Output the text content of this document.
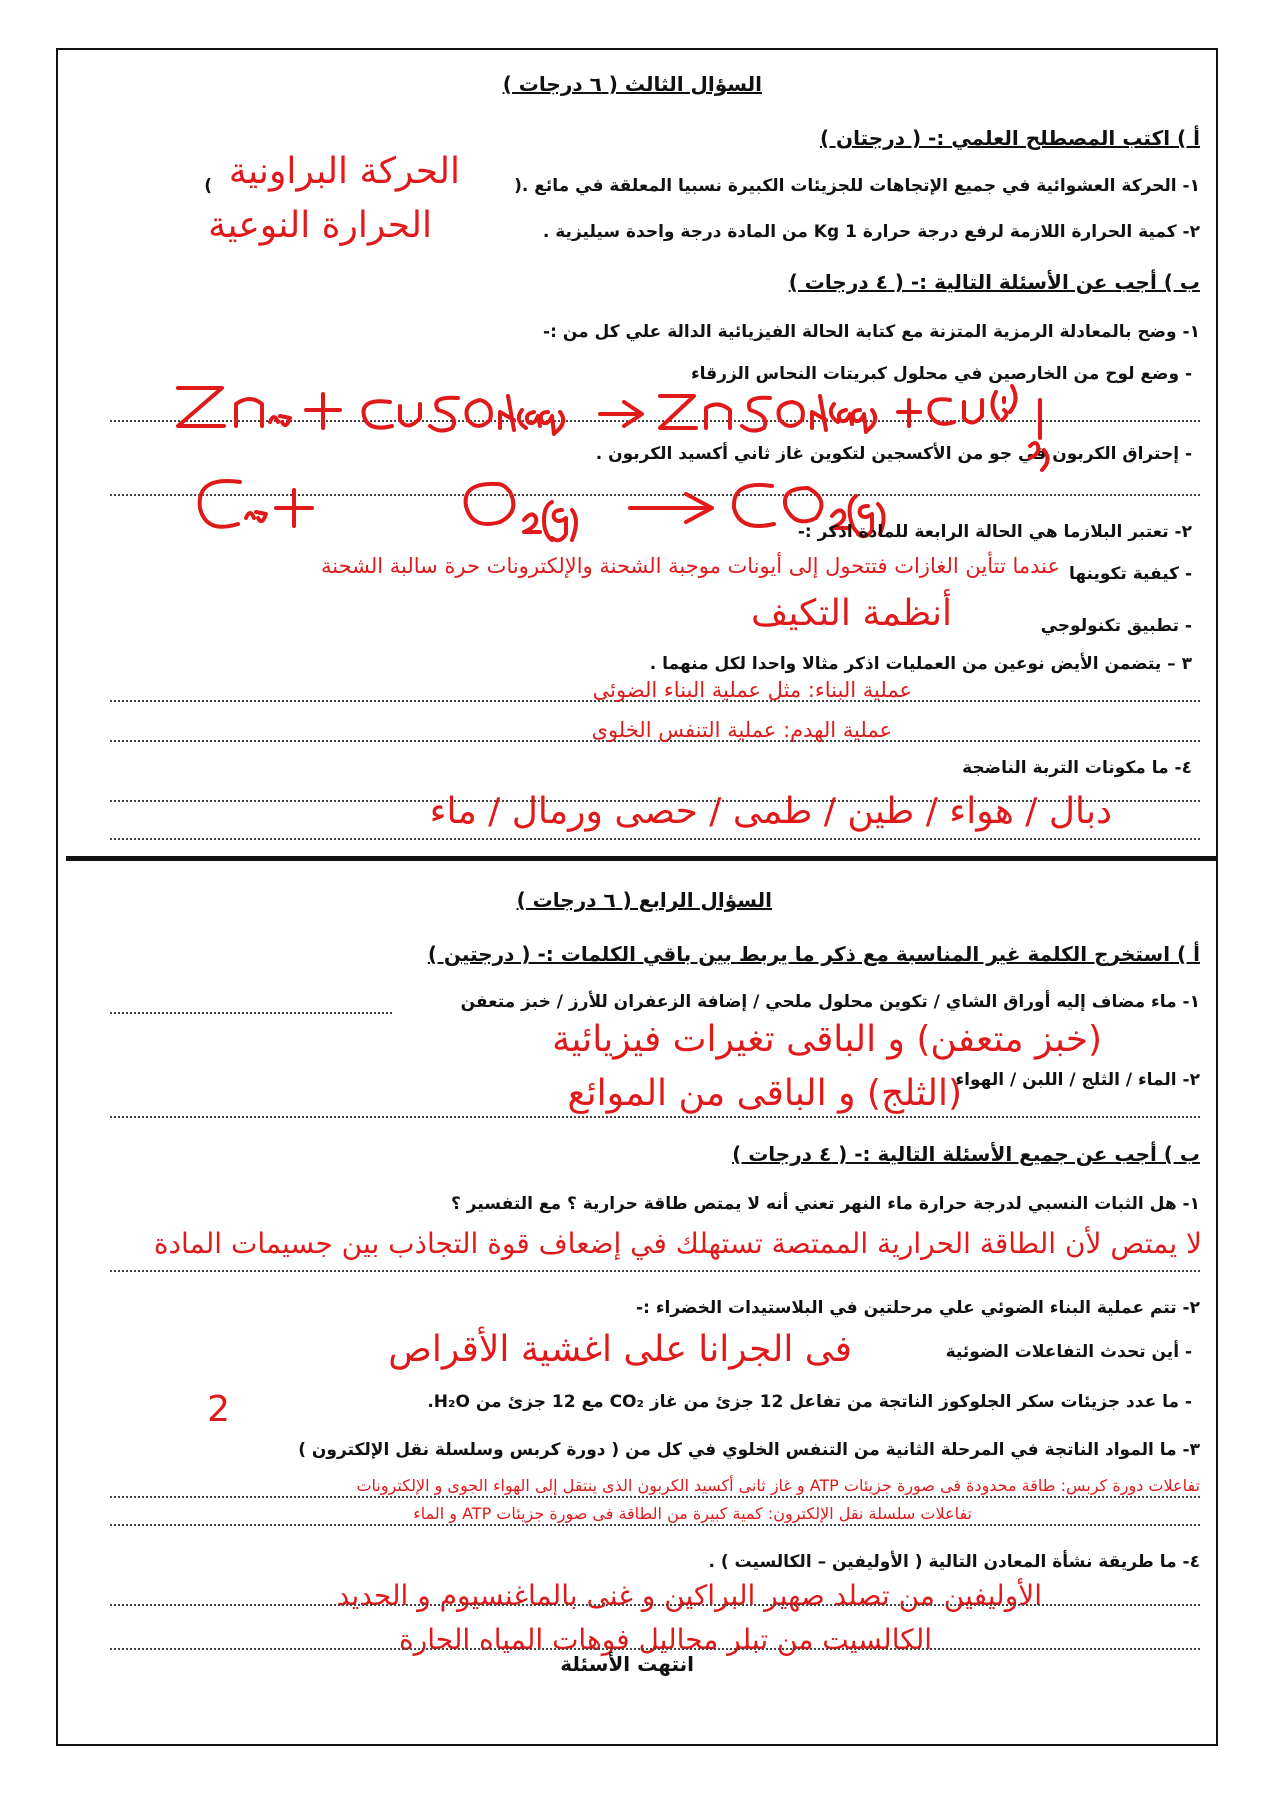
السؤال الثالث ( ٦ درجات )
أ ) اكتب المصطلح العلمي :- ( درجتان )
١- الحركة العشوائية في جميع الإتجاهات للجزيئات الكبيرة نسبيا المعلقة في مائع .(
) الحركة البراونية
٢- كمية الحرارة اللازمة لرفع درجة حرارة 1 Kg من المادة درجة واحدة سيليزية .
الحرارة النوعية
ب ) أجب عن الأسئلة التالية :- ( ٤ درجات )
١- وضح بالمعادلة الرمزية المتزنة مع كتابة الحالة الفيزيائية الدالة علي كل من :-
- وضع لوح من الخارصين في محلول كبريتات النحاس الزرقاء
- إحتراق الكربون في جو من الأكسجين لتكوين غاز ثاني أكسيد الكربون .
٢- تعتبر البلازما هي الحالة الرابعة للمادة اذكر :-
- كيفية تكوينها
عندما تتأين الغازات فتتحول إلى أيونات موجبة الشحنة والإلكترونات حرة سالبة الشحنة
- تطبيق تكنولوجي
أنظمة التكيف
٣ – يتضمن الأيض نوعين من العمليات اذكر مثالا واحدا لكل منهما .
عملية البناء: مثل عملية البناء الضوئى
عملية الهدم: عملية التنفس الخلوى
٤- ما مكونات التربة الناضجة
دبال / هواء / طين / طمى / حصى ورمال / ماء
السؤال الرابع ( ٦ درجات )
أ ) استخرج الكلمة غير المناسبة مع ذكر ما يربط بين باقي الكلمات :- ( درجتين )
١- ماء مضاف إليه أوراق الشاي / تكوين محلول ملحي / إضافة الزعفران للأرز / خبز متعفن
(خبز متعفن) و الباقى تغيرات فيزيائية
٢- الماء / الثلج / اللبن / الهواء
(الثلج) و الباقى من الموائع
ب ) أجب عن جميع الأسئلة التالية :- ( ٤ درجات )
١- هل الثبات النسبي لدرجة حرارة ماء النهر تعني أنه لا يمتص طاقة حرارية ؟ مع التفسير ؟
لا يمتص لأن الطاقة الحرارية الممتصة تستهلك في إضعاف قوة التجاذب بين جسيمات المادة
٢- تتم عملية البناء الضوئي علي مرحلتين في البلاستيدات الخضراء :-
- أين تحدث التفاعلات الضوئية
فى الجرانا على اغشية الأقراص
- ما عدد جزيئات سكر الجلوكوز الناتجة من تفاعل 12 جزئ من غاز CO₂ مع 12 جزئ من H₂O.
2
٣- ما المواد الناتجة في المرحلة الثانية من التنفس الخلوي في كل من ( دورة كربس وسلسلة نقل الإلكترون )
تفاعلات دورة كربس: طاقة محدودة فى صورة جزيئات ATP و غاز ثانى أكسيد الكربون الذى ينتقل إلى الهواء الجوى و الإلكترونات
تفاعلات سلسلة نقل الإلكترون: كمية كبيرة من الطاقة فى صورة جزيئات ATP و الماء
٤- ما طريقة نشأة المعادن التالية ( الأوليفين – الكالسيت ) .
الأوليفين من تصلد صهير البراكين و غنى بالماغنسيوم و الحديد
الكالسيت من تبلر محاليل فوهات المياه الحارة
انتهت الأسئلة
